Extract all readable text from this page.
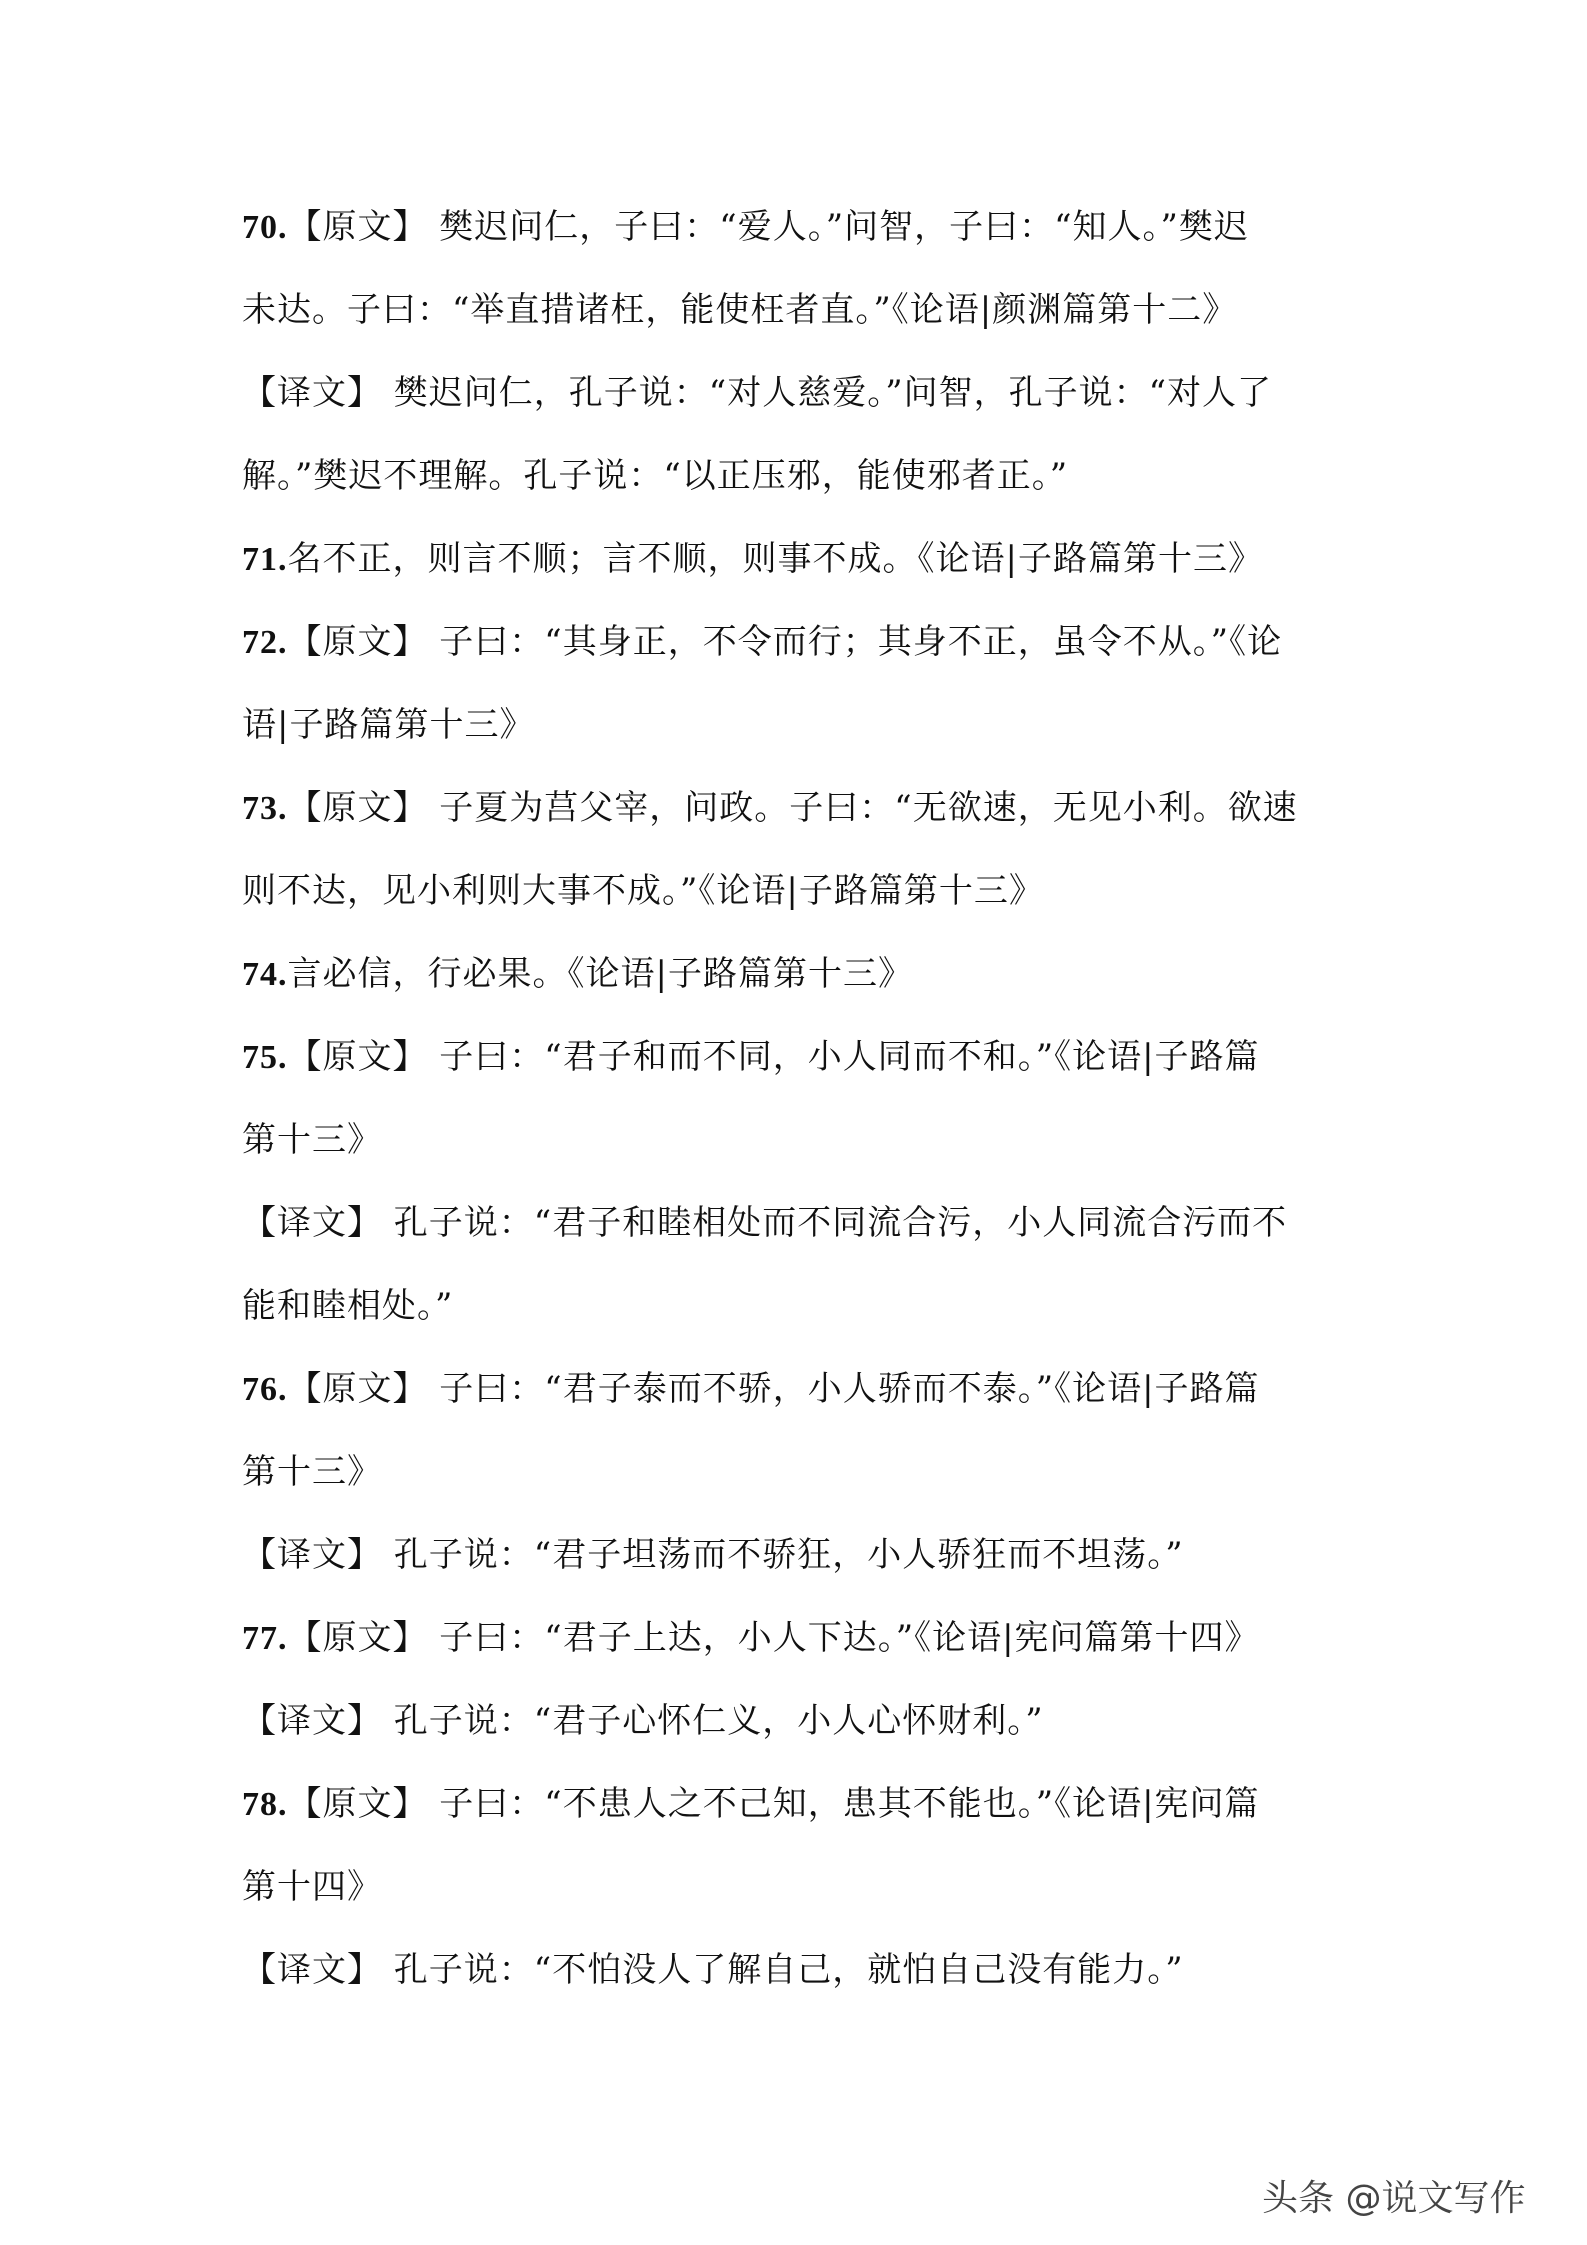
70.【原文】 樊迟问仁，子曰：“爱人。”问智，子曰：“知人。”樊迟
未达。子曰：“举直措诸枉，能使枉者直。”《论语|颜渊篇第十二》
【译文】 樊迟问仁，孔子说：“对人慈爱。”问智，孔子说：“对人了
解。”樊迟不理解。孔子说：“以正压邪，能使邪者正。”
71.名不正，则言不顺；言不顺，则事不成。《论语|子路篇第十三》
72.【原文】 子曰：“其身正，不令而行；其身不正，虽令不从。”《论
语|子路篇第十三》
73.【原文】 子夏为莒父宰，问政。子曰：“无欲速，无见小利。欲速
则不达，见小利则大事不成。”《论语|子路篇第十三》
74.言必信，行必果。《论语|子路篇第十三》
75.【原文】 子曰：“君子和而不同，小人同而不和。”《论语|子路篇
第十三》
【译文】 孔子说：“君子和睦相处而不同流合污，小人同流合污而不
能和睦相处。”
76.【原文】 子曰：“君子泰而不骄，小人骄而不泰。”《论语|子路篇
第十三》
【译文】 孔子说：“君子坦荡而不骄狂，小人骄狂而不坦荡。”
77.【原文】 子曰：“君子上达，小人下达。”《论语|宪问篇第十四》
【译文】 孔子说：“君子心怀仁义，小人心怀财利。”
78.【原文】 子曰：“不患人之不己知，患其不能也。”《论语|宪问篇
第十四》
【译文】 孔子说：“不怕没人了解自己，就怕自己没有能力。”
头条 @说文写作
